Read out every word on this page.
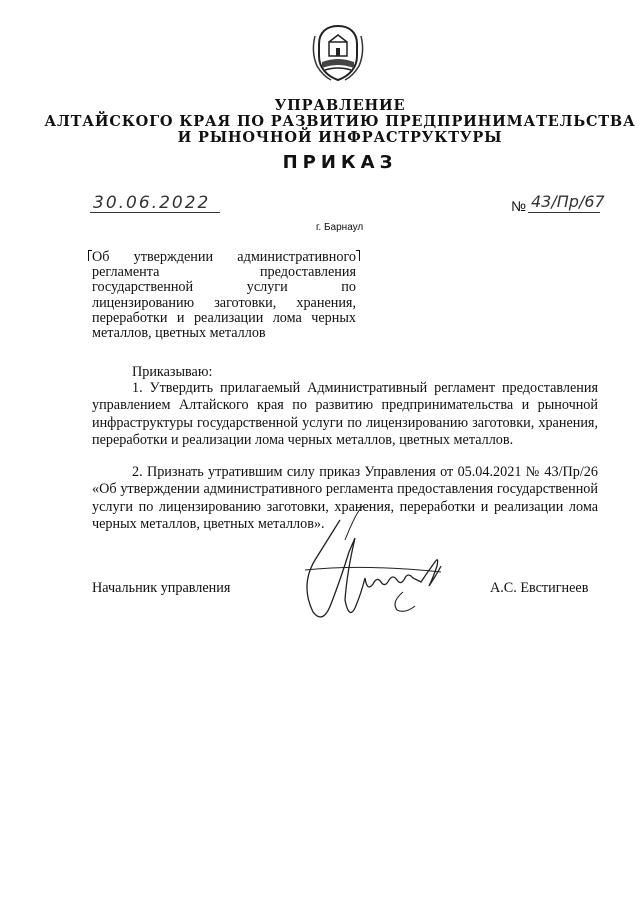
УПРАВЛЕНИЕ
АЛТАЙСКОГО КРАЯ ПО РАЗВИТИЮ ПРЕДПРИНИМАТЕЛЬСТВА
И РЫНОЧНОЙ ИНФРАСТРУКТУРЫ
ПРИКАЗ
30.06.2022	№ 43/Пр/67
г. Барнаул
Об утверждении административного регламента предоставления государственной услуги по лицензированию заготовки, хранения, переработки и реализации лома черных металлов, цветных металлов
Приказываю:
1. Утвердить прилагаемый Административный регламент предоставления управлением Алтайского края по развитию предпринимательства и рыночной инфраструктуры государственной услуги по лицензированию заготовки, хранения, переработки и реализации лома черных металлов, цветных металлов.
2. Признать утратившим силу приказ Управления от 05.04.2021 № 43/Пр/26 «Об утверждении административного регламента предоставления государственной услуги по лицензированию заготовки, хранения, переработки и реализации лома черных металлов, цветных металлов».
Начальник управления	А.С. Евстигнеев
